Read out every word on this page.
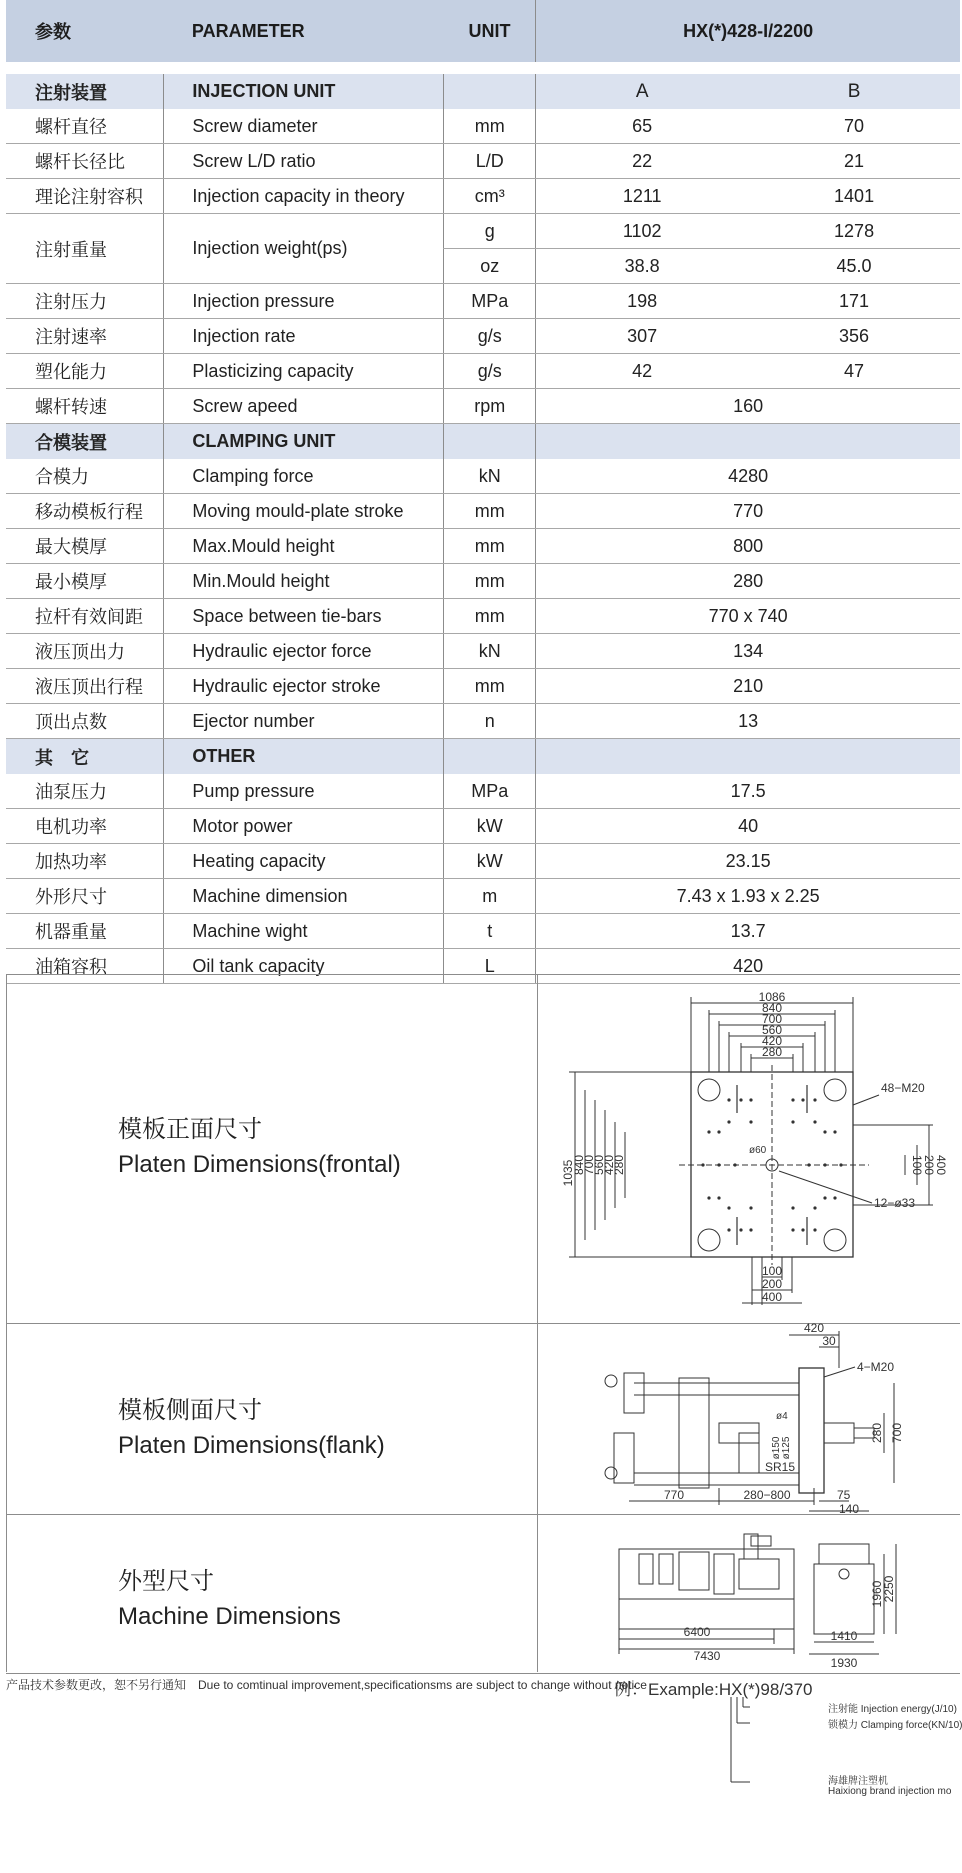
参数	PARAMETER	UNIT	HX(*)428-I/2200	

注射装置	INJECTION UNIT		A	B
螺杆直径	Screw diameter	mm	65	70
螺杆长径比	Screw L/D ratio	L/D	22	21
理论注射容积	Injection capacity in theory	cm³	1211	1401
注射重量	Injection weight(ps)	g	1102	1278
		oz	38.8	45.0
注射压力	Injection pressure	MPa	198	171
注射速率	Injection rate	g/s	307	356
塑化能力	Plasticizing capacity	g/s	42	47
螺杆转速	Screw apeed	rpm	160	
合模装置	CLAMPING UNIT			
合模力	Clamping force	kN	4280	
移动模板行程	Moving mould-plate stroke	mm	770	
最大模厚	Max.Mould height	mm	800	
最小模厚	Min.Mould height	mm	280	
拉杆有效间距	Space between tie-bars	mm	770 x 740	
液压顶出力	Hydraulic ejector force	kN	134	
液压顶出行程	Hydraulic ejector stroke	mm	210	
顶出点数	Ejector number	n	13	
其　它	OTHER			
油泵压力	Pump pressure	MPa	17.5	
电机功率	Motor power	kW	40	
加热功率	Heating capacity	kW	23.15	
外形尺寸	Machine dimension	m	7.43 x 1.93 x 2.25	
机器重量	Machine wight	t	13.7	
油箱容积	Oil tank capacity	L	420	
模板正面尺寸
Platen Dimensions(frontal)
1086
840
700
560
420
280
1035
840
700
560
420
280	400
200
100
48−M20
12−ø33
ø60
100
200
400
模板侧面尺寸
Platen Dimensions(flank)
420
30
4−M20
ø4
ø150 ø125
SR15
700
280
770	280−800	75
140
外型尺寸
Machine Dimensions
6400
7430
1960
2250
1410
1930
产品技术参数更改，恕不另行通知　Due to comtinual improvement,specificationsms are subject to change without notice
例：Example:HX(*)98/370
注射能 Injection energy(J/10)
锁模力 Clamping force(KN/10)
海雄牌注塑机
Haixiong brand injection mo
